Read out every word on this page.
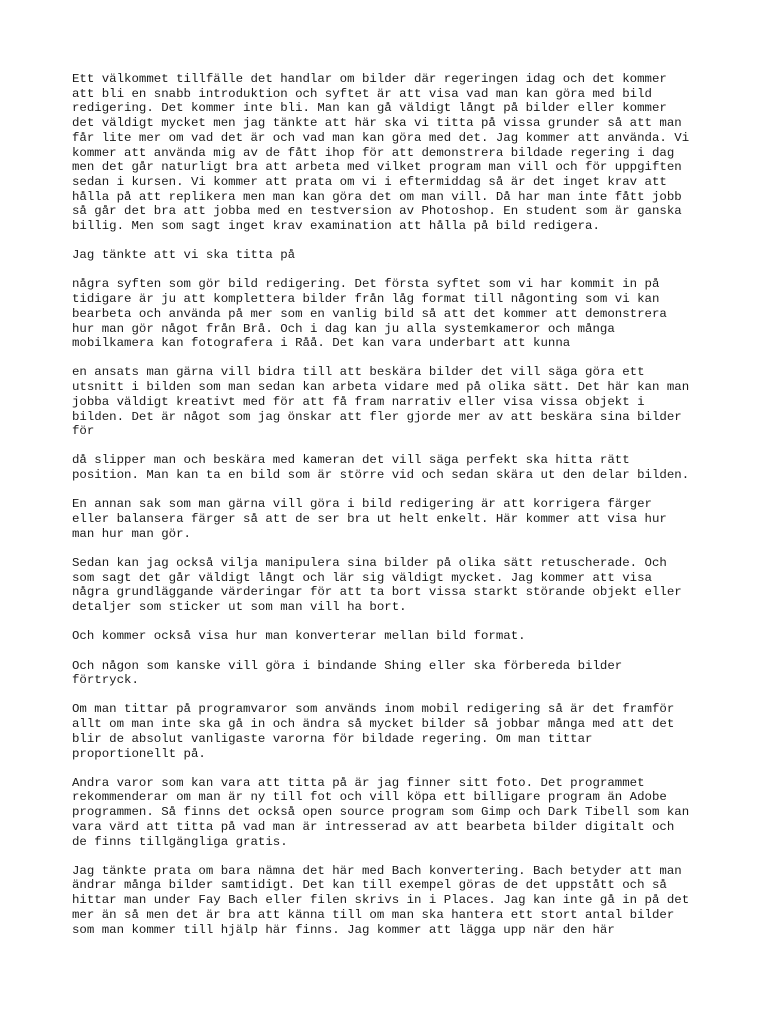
Ett välkommet tillfälle det handlar om bilder där regeringen idag och det kommer
att bli en snabb introduktion och syftet är att visa vad man kan göra med bild
redigering. Det kommer inte bli. Man kan gå väldigt långt på bilder eller kommer
det väldigt mycket men jag tänkte att här ska vi titta på vissa grunder så att man
får lite mer om vad det är och vad man kan göra med det. Jag kommer att använda. Vi
kommer att använda mig av de fått ihop för att demonstrera bildade regering i dag
men det går naturligt bra att arbeta med vilket program man vill och för uppgiften
sedan i kursen. Vi kommer att prata om vi i eftermiddag så är det inget krav att
hålla på att replikera men man kan göra det om man vill. Då har man inte fått jobb
så går det bra att jobba med en testversion av Photoshop. En student som är ganska
billig. Men som sagt inget krav examination att hålla på bild redigera.

Jag tänkte att vi ska titta på

några syften som gör bild redigering. Det första syftet som vi har kommit in på
tidigare är ju att komplettera bilder från låg format till någonting som vi kan
bearbeta och använda på mer som en vanlig bild så att det kommer att demonstrera
hur man gör något från Brå. Och i dag kan ju alla systemkameror och många
mobilkamera kan fotografera i Råå. Det kan vara underbart att kunna

en ansats man gärna vill bidra till att beskära bilder det vill säga göra ett
utsnitt i bilden som man sedan kan arbeta vidare med på olika sätt. Det här kan man
jobba väldigt kreativt med för att få fram narrativ eller visa vissa objekt i
bilden. Det är något som jag önskar att fler gjorde mer av att beskära sina bilder
för

då slipper man och beskära med kameran det vill säga perfekt ska hitta rätt
position. Man kan ta en bild som är större vid och sedan skära ut den delar bilden.

En annan sak som man gärna vill göra i bild redigering är att korrigera färger
eller balansera färger så att de ser bra ut helt enkelt. Här kommer att visa hur
man hur man gör.

Sedan kan jag också vilja manipulera sina bilder på olika sätt retuscherade. Och
som sagt det går väldigt långt och lär sig väldigt mycket. Jag kommer att visa
några grundläggande värderingar för att ta bort vissa starkt störande objekt eller
detaljer som sticker ut som man vill ha bort.

Och kommer också visa hur man konverterar mellan bild format.

Och någon som kanske vill göra i bindande Shing eller ska förbereda bilder
förtryck.

Om man tittar på programvaror som används inom mobil redigering så är det framför
allt om man inte ska gå in och ändra så mycket bilder så jobbar många med att det
blir de absolut vanligaste varorna för bildade regering. Om man tittar
proportionellt på.

Andra varor som kan vara att titta på är jag finner sitt foto. Det programmet
rekommenderar om man är ny till fot och vill köpa ett billigare program än Adobe
programmen. Så finns det också open source program som Gimp och Dark Tibell som kan
vara värd att titta på vad man är intresserad av att bearbeta bilder digitalt och
de finns tillgängliga gratis.

Jag tänkte prata om bara nämna det här med Bach konvertering. Bach betyder att man
ändrar många bilder samtidigt. Det kan till exempel göras de det uppstått och så
hittar man under Fay Bach eller filen skrivs in i Places. Jag kan inte gå in på det
mer än så men det är bra att känna till om man ska hantera ett stort antal bilder
som man kommer till hjälp här finns. Jag kommer att lägga upp när den här
